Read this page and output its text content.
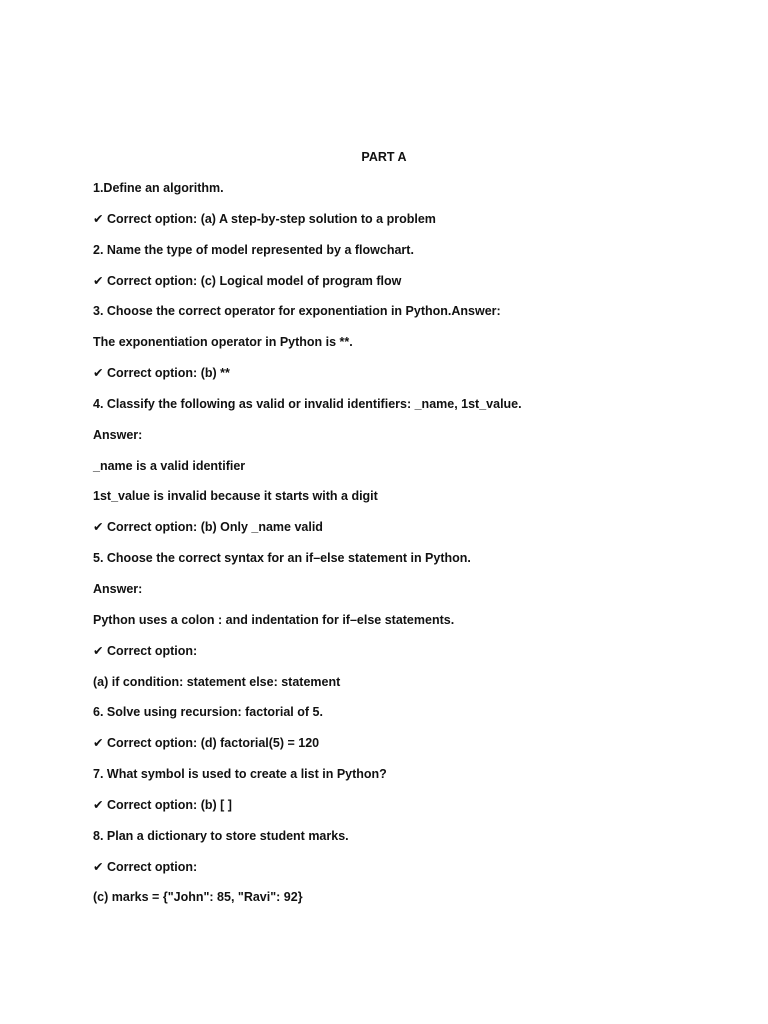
PART A
1.Define an algorithm.
✔ Correct option: (a) A step-by-step solution to a problem
2. Name the type of model represented by a flowchart.
✔ Correct option: (c) Logical model of program flow
3. Choose the correct operator for exponentiation in Python.Answer:
The exponentiation operator in Python is **.
✔ Correct option: (b) **
4. Classify the following as valid or invalid identifiers: _name, 1st_value.
Answer:
_name is a valid identifier
1st_value is invalid because it starts with a digit
✔ Correct option: (b) Only _name valid
5. Choose the correct syntax for an if–else statement in Python.
Answer:
Python uses a colon : and indentation for if–else statements.
✔ Correct option:
(a) if condition: statement else: statement
6. Solve using recursion: factorial of 5.
✔ Correct option: (d) factorial(5) = 120
7. What symbol is used to create a list in Python?
✔ Correct option: (b) [ ]
8. Plan a dictionary to store student marks.
✔ Correct option:
(c) marks = {"John": 85, "Ravi": 92}
